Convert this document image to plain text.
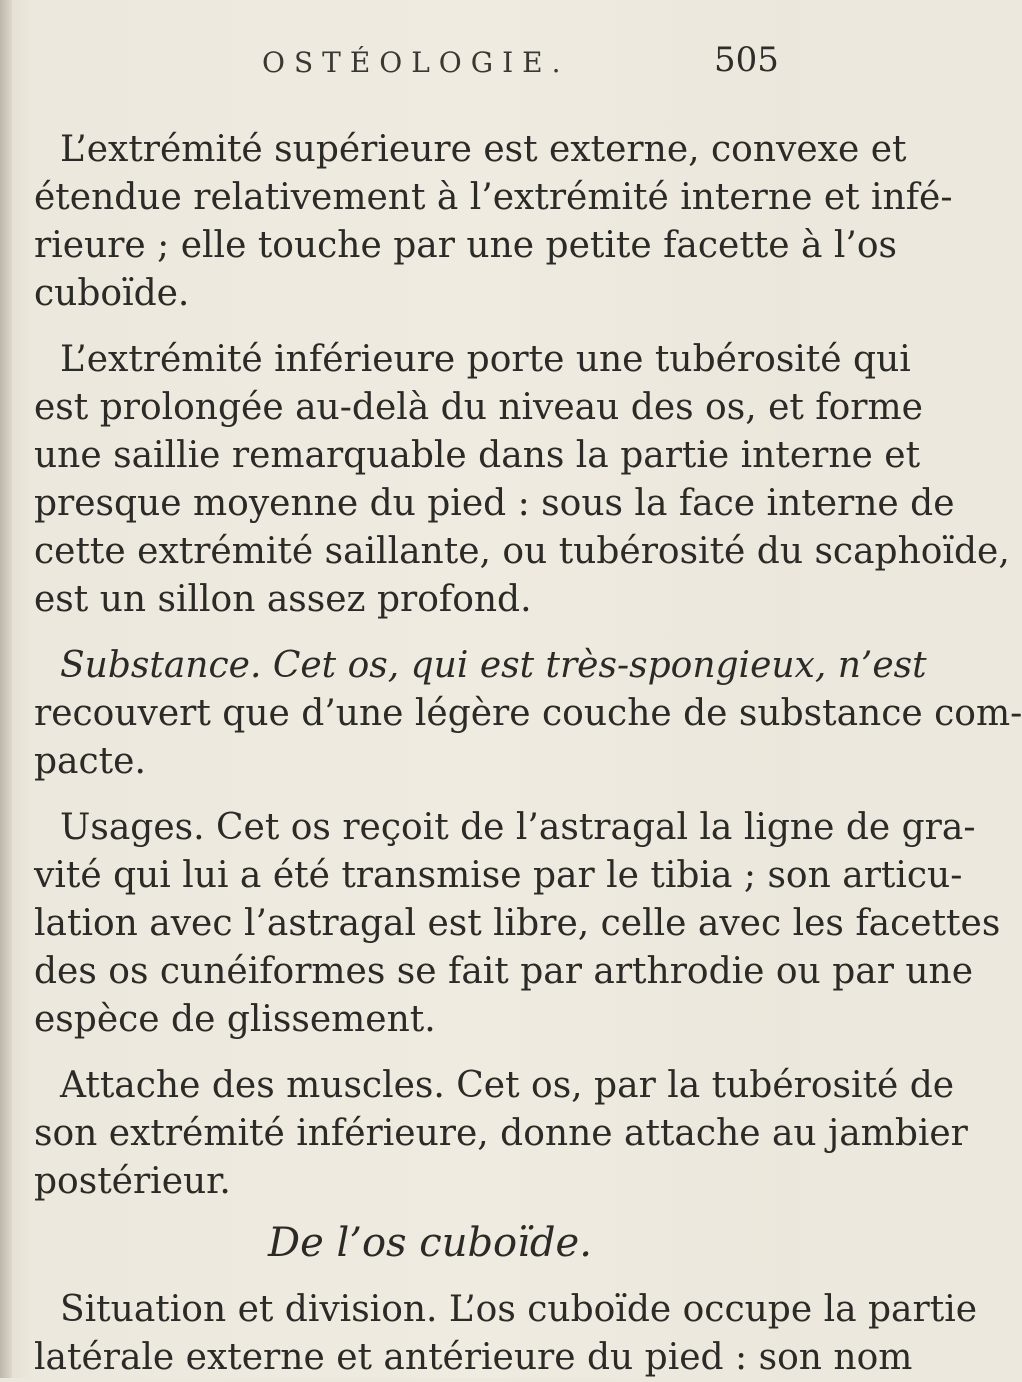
OSTÉOLOGIE.	505
L’extrémité supérieure est externe, convexe et
étendue relativement à l’extrémité interne et infé-
rieure ; elle touche par une petite facette à l’os
cuboïde.
L’extrémité inférieure porte une tubérosité qui
est prolongée au-delà du niveau des os, et forme
une saillie remarquable dans la partie interne et
presque moyenne du pied : sous la face interne de
cette extrémité saillante, ou tubérosité du scaphoïde,
est un sillon assez profond.
Substance. Cet os, qui est très-spongieux, n’est
recouvert que d’une légère couche de substance com-
pacte.
Usages. Cet os reçoit de l’astragal la ligne de gra-
vité qui lui a été transmise par le tibia ; son articu-
lation avec l’astragal est libre, celle avec les facettes
des os cunéiformes se fait par arthrodie ou par une
espèce de glissement.
Attache des muscles. Cet os, par la tubérosité de
son extrémité inférieure, donne attache au jambier
postérieur.
De l’os cuboïde.
Situation et division. L’os cuboïde occupe la partie
latérale externe et antérieure du pied : son nom
